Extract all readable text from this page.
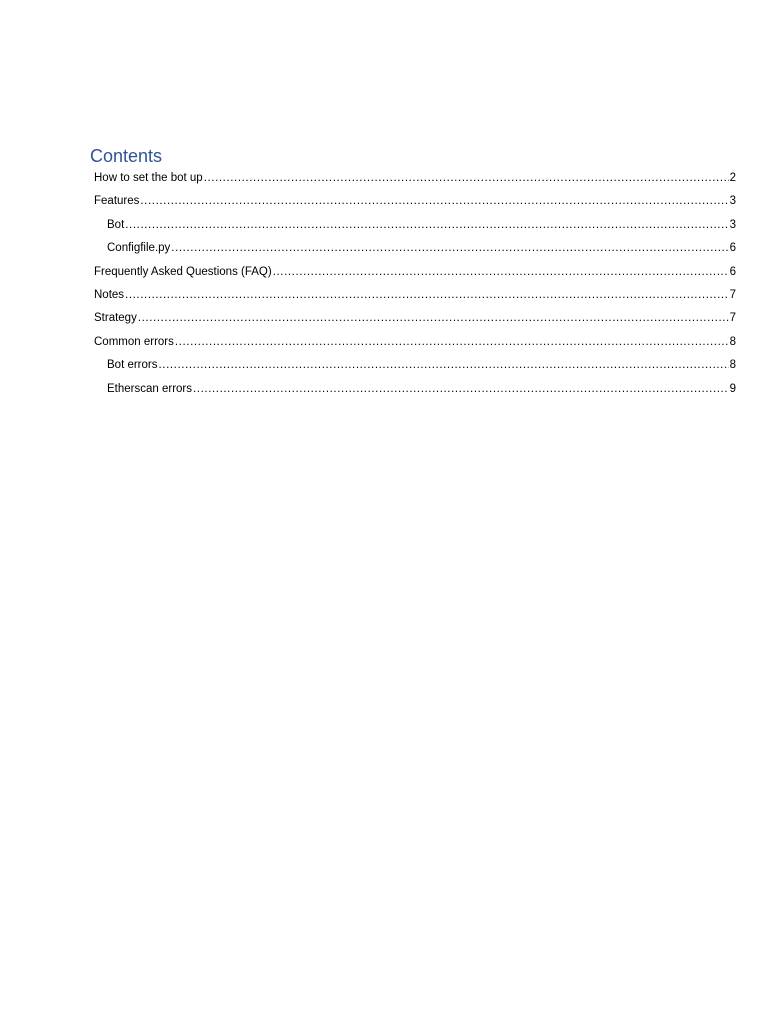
Contents
How to set the bot up .....	2
Features .....	3
Bot .....	3
Configfile.py .....	6
Frequently Asked Questions (FAQ) .....	6
Notes .....	7
Strategy .....	7
Common errors .....	8
Bot errors .....	8
Etherscan errors .....	9
